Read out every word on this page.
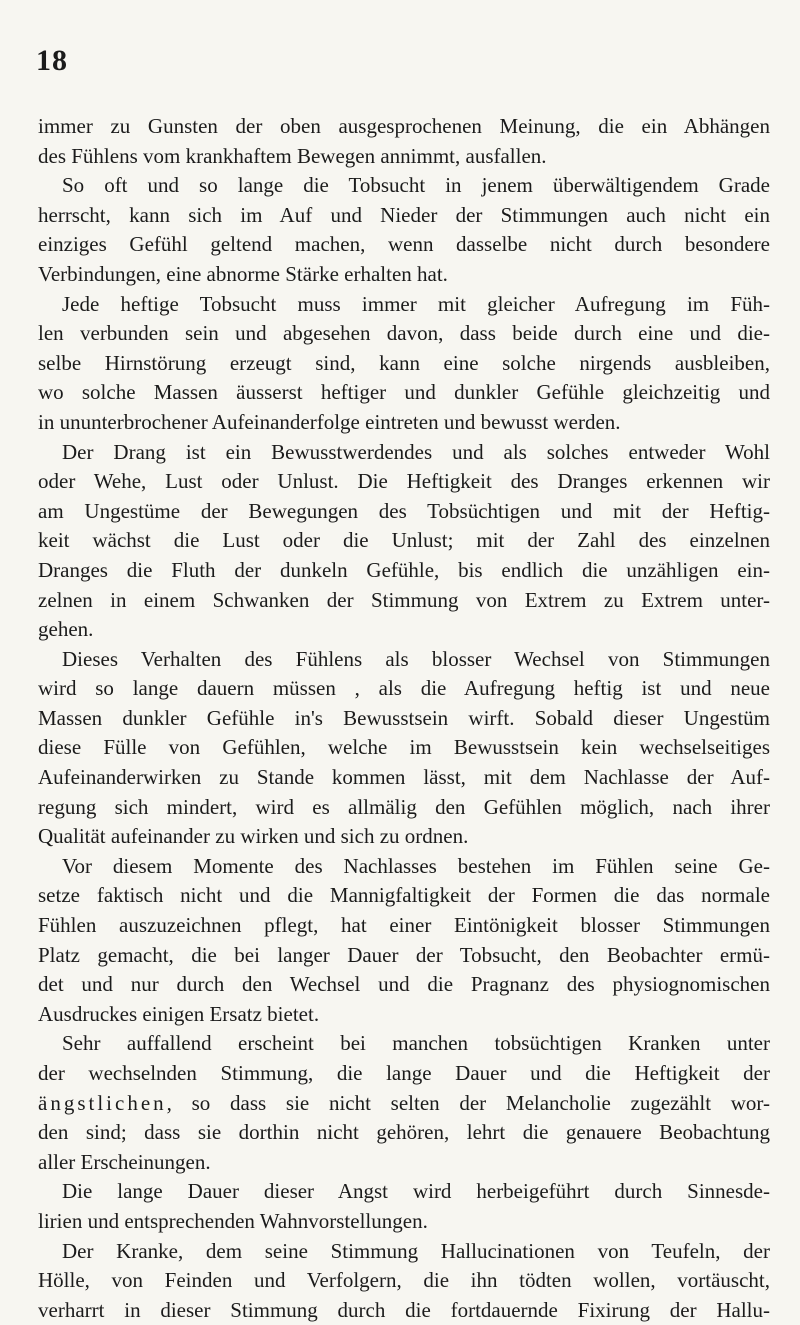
18
immer zu Gunsten der oben ausgesprochenen Meinung, die ein Abhängen
des Fühlens vom krankhaftem Bewegen annimmt, ausfallen.
So oft und so lange die Tobsucht in jenem überwältigendem Grade
herrscht, kann sich im Auf und Nieder der Stimmungen auch nicht ein
einziges Gefühl geltend machen, wenn dasselbe nicht durch besondere
Verbindungen, eine abnorme Stärke erhalten hat.
Jede heftige Tobsucht muss immer mit gleicher Aufregung im Füh-
len verbunden sein und abgesehen davon, dass beide durch eine und die-
selbe Hirnstörung erzeugt sind, kann eine solche nirgends ausbleiben,
wo solche Massen äusserst heftiger und dunkler Gefühle gleichzeitig und
in ununterbrochener Aufeinanderfolge eintreten und bewusst werden.
Der Drang ist ein Bewusstwerdendes und als solches entweder Wohl
oder Wehe, Lust oder Unlust. Die Heftigkeit des Dranges erkennen wir
am Ungestüme der Bewegungen des Tobsüchtigen und mit der Heftig-
keit wächst die Lust oder die Unlust; mit der Zahl des einzelnen
Dranges die Fluth der dunkeln Gefühle, bis endlich die unzähligen ein-
zelnen in einem Schwanken der Stimmung von Extrem zu Extrem unter-
gehen.
Dieses Verhalten des Fühlens als blosser Wechsel von Stimmungen
wird so lange dauern müssen , als die Aufregung heftig ist und neue
Massen dunkler Gefühle in's Bewusstsein wirft. Sobald dieser Ungestüm
diese Fülle von Gefühlen, welche im Bewusstsein kein wechselseitiges
Aufeinanderwirken zu Stande kommen lässt, mit dem Nachlasse der Auf-
regung sich mindert, wird es allmälig den Gefühlen möglich, nach ihrer
Qualität aufeinander zu wirken und sich zu ordnen.
Vor diesem Momente des Nachlasses bestehen im Fühlen seine Ge-
setze faktisch nicht und die Mannigfaltigkeit der Formen die das normale
Fühlen auszuzeichnen pflegt, hat einer Eintönigkeit blosser Stimmungen
Platz gemacht, die bei langer Dauer der Tobsucht, den Beobachter ermü-
det und nur durch den Wechsel und die Pragnanz des physiognomischen
Ausdruckes einigen Ersatz bietet.
Sehr auffallend erscheint bei manchen tobsüchtigen Kranken unter
der wechselnden Stimmung, die lange Dauer und die Heftigkeit der
ängstlichen, so dass sie nicht selten der Melancholie zugezählt wor-
den sind; dass sie dorthin nicht gehören, lehrt die genauere Beobachtung
aller Erscheinungen.
Die lange Dauer dieser Angst wird herbeigeführt durch Sinnesde-
lirien und entsprechenden Wahnvorstellungen.
Der Kranke, dem seine Stimmung Hallucinationen von Teufeln, der
Hölle, von Feinden und Verfolgern, die ihn tödten wollen, vortäuscht,
verharrt in dieser Stimmung durch die fortdauernde Fixirung der Hallu-
